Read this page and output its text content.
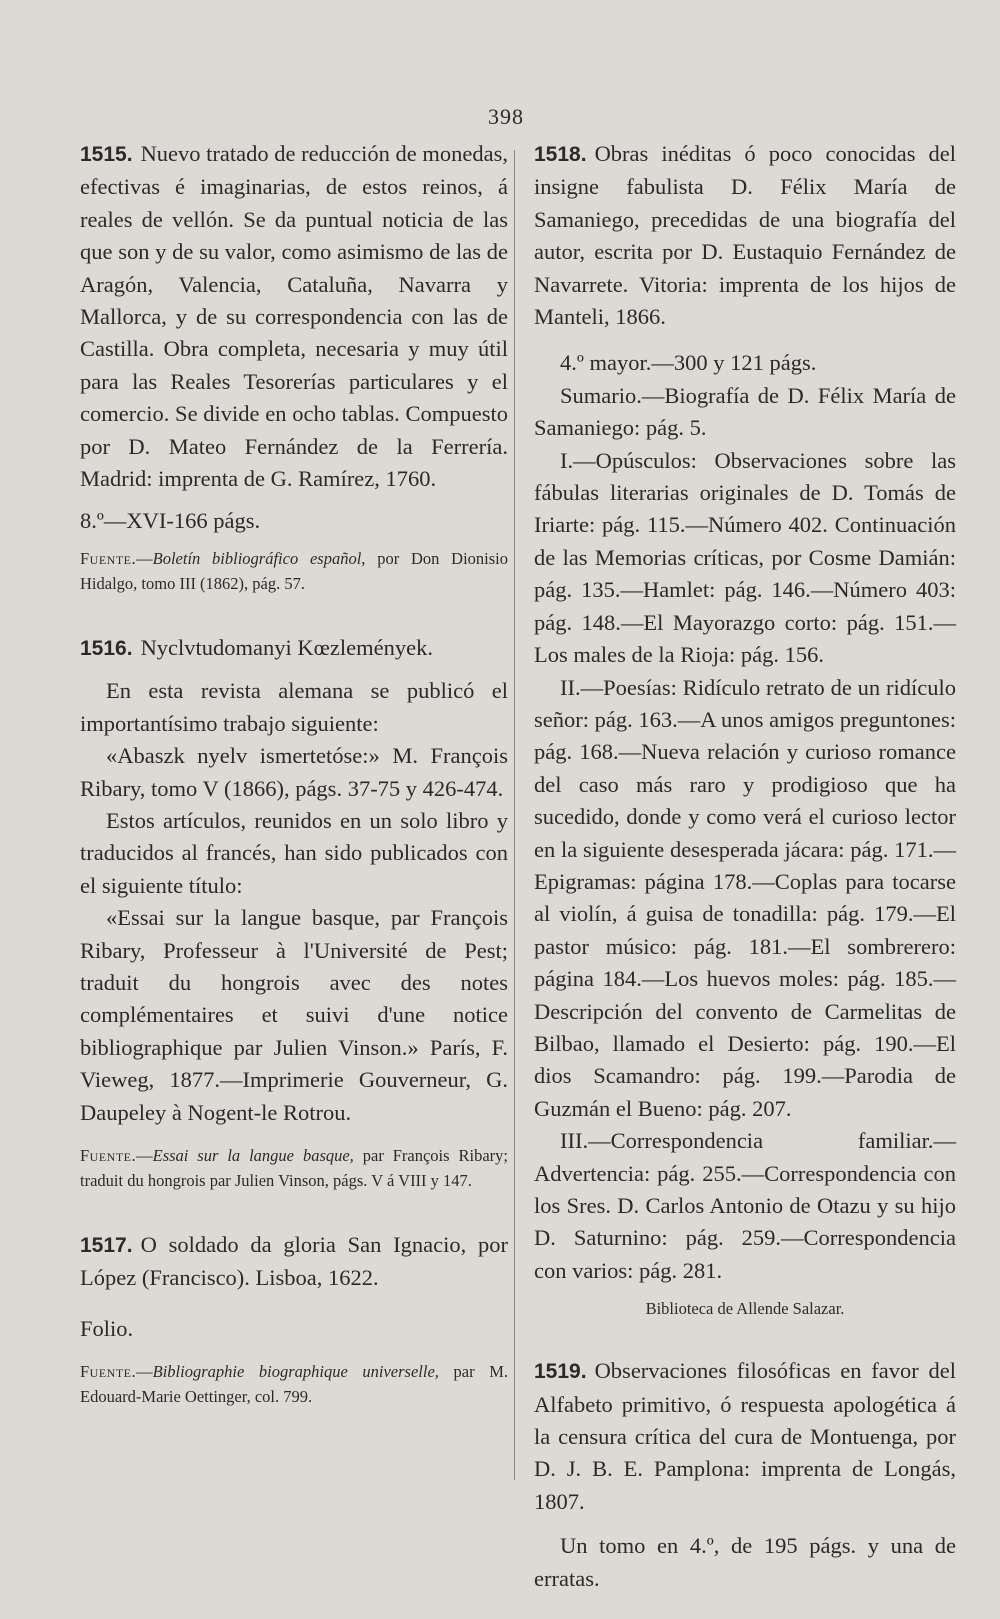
398

1515. Nuevo tratado de reducción de monedas, efectivas é imaginarias, de estos reinos, á reales de vellón. Se da puntual noticia de las que son y de su valor, como asimismo de las de Aragón, Valencia, Cataluña, Navarra y Mallorca, y de su correspondencia con las de Castilla. Obra completa, necesaria y muy útil para las Reales Tesorerías particulares y el comercio. Se divide en ocho tablas. Compuesto por D. Mateo Fernández de la Ferrería. Madrid: imprenta de G. Ramírez, 1760.

8.º—XVI-166 págs.

Fuente.—Boletín bibliográfico español, por Don Dionisio Hidalgo, tomo III (1862), pág. 57.

1516. Nyclvtudomanyi Kœzlemények.

En esta revista alemana se publicó el importantísimo trabajo siguiente:

«Abaszk nyelv ismertetóse:» M. François Ribary, tomo V (1866), págs. 37-75 y 426-474.

Estos artículos, reunidos en un solo libro y traducidos al francés, han sido publicados con el siguiente título:

«Essai sur la langue basque, par François Ribary, Professeur à l'Université de Pest; traduit du hongrois avec des notes complémentaires et suivi d'une notice bibliographique par Julien Vinson.» París, F. Vieweg, 1877.—Imprimerie Gouverneur, G. Daupeley à Nogent-le Rotrou.

Fuente.—Essai sur la langue basque, par François Ribary; traduit du hongrois par Julien Vinson, págs. V á VIII y 147.

1517. O soldado da gloria San Ignacio, por López (Francisco). Lisboa, 1622.

Folio.

Fuente.—Bibliographie biographique universelle, par M. Edouard-Marie Oettinger, col. 799.

1518. Obras inéditas ó poco conocidas del insigne fabulista D. Félix María de Samaniego, precedidas de una biografía del autor, escrita por D. Eustaquio Fernández de Navarrete. Vitoria: imprenta de los hijos de Manteli, 1866.

4.º mayor.—300 y 121 págs.

Sumario.—Biografía de D. Félix María de Samaniego: pág. 5.

I.—Opúsculos: Observaciones sobre las fábulas literarias originales de D. Tomás de Iriarte: pág. 115.—Número 402. Continuación de las Memorias críticas, por Cosme Damián: pág. 135.—Hamlet: pág. 146.—Número 403: pág. 148.—El Mayorazgo corto: pág. 151.—Los males de la Rioja: pág. 156.

II.—Poesías: Ridículo retrato de un ridículo señor: pág. 163.—A unos amigos preguntones: pág. 168.—Nueva relación y curioso romance del caso más raro y prodigioso que ha sucedido, donde y como verá el curioso lector en la siguiente desesperada jácara: pág. 171.—Epigramas: página 178.—Coplas para tocarse al violín, á guisa de tonadilla: pág. 179.—El pastor músico: pág. 181.—El sombrerero: página 184.—Los huevos moles: pág. 185.—Descripción del convento de Carmelitas de Bilbao, llamado el Desierto: pág. 190.—El dios Scamandro: pág. 199.—Parodia de Guzmán el Bueno: pág. 207.

III.—Correspondencia familiar.—Advertencia: pág. 255.—Correspondencia con los Sres. D. Carlos Antonio de Otazu y su hijo D. Saturnino: pág. 259.—Correspondencia con varios: pág. 281.

Biblioteca de Allende Salazar.

1519. Observaciones filosóficas en favor del Alfabeto primitivo, ó respuesta apologética á la censura crítica del cura de Montuenga, por D. J. B. E. Pamplona: imprenta de Longás, 1807.

Un tomo en 4.º, de 195 págs. y una de erratas.
